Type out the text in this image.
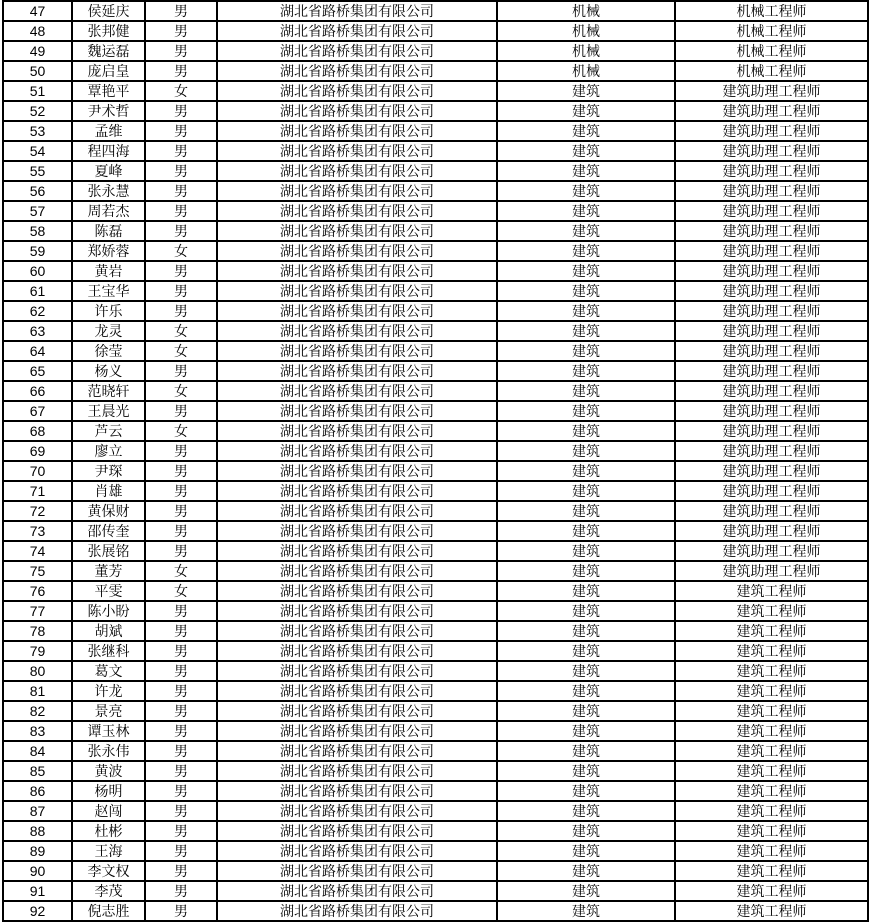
47	侯延庆	男	湖北省路桥集团有限公司	机械	机械工程师
48	张邦健	男	湖北省路桥集团有限公司	机械	机械工程师
49	魏运磊	男	湖北省路桥集团有限公司	机械	机械工程师
50	庞启皇	男	湖北省路桥集团有限公司	机械	机械工程师
51	覃艳平	女	湖北省路桥集团有限公司	建筑	建筑助理工程师
52	尹术哲	男	湖北省路桥集团有限公司	建筑	建筑助理工程师
53	孟维	男	湖北省路桥集团有限公司	建筑	建筑助理工程师
54	程四海	男	湖北省路桥集团有限公司	建筑	建筑助理工程师
55	夏峰	男	湖北省路桥集团有限公司	建筑	建筑助理工程师
56	张永慧	男	湖北省路桥集团有限公司	建筑	建筑助理工程师
57	周若杰	男	湖北省路桥集团有限公司	建筑	建筑助理工程师
58	陈磊	男	湖北省路桥集团有限公司	建筑	建筑助理工程师
59	郑娇蓉	女	湖北省路桥集团有限公司	建筑	建筑助理工程师
60	黄岩	男	湖北省路桥集团有限公司	建筑	建筑助理工程师
61	王宝华	男	湖北省路桥集团有限公司	建筑	建筑助理工程师
62	许乐	男	湖北省路桥集团有限公司	建筑	建筑助理工程师
63	龙灵	女	湖北省路桥集团有限公司	建筑	建筑助理工程师
64	徐莹	女	湖北省路桥集团有限公司	建筑	建筑助理工程师
65	杨义	男	湖北省路桥集团有限公司	建筑	建筑助理工程师
66	范晓轩	女	湖北省路桥集团有限公司	建筑	建筑助理工程师
67	王晨光	男	湖北省路桥集团有限公司	建筑	建筑助理工程师
68	芦云	女	湖北省路桥集团有限公司	建筑	建筑助理工程师
69	廖立	男	湖北省路桥集团有限公司	建筑	建筑助理工程师
70	尹琛	男	湖北省路桥集团有限公司	建筑	建筑助理工程师
71	肖雄	男	湖北省路桥集团有限公司	建筑	建筑助理工程师
72	黄保财	男	湖北省路桥集团有限公司	建筑	建筑助理工程师
73	邵传奎	男	湖北省路桥集团有限公司	建筑	建筑助理工程师
74	张展铭	男	湖北省路桥集团有限公司	建筑	建筑助理工程师
75	董芳	女	湖北省路桥集团有限公司	建筑	建筑助理工程师
76	平雯	女	湖北省路桥集团有限公司	建筑	建筑工程师
77	陈小盼	男	湖北省路桥集团有限公司	建筑	建筑工程师
78	胡斌	男	湖北省路桥集团有限公司	建筑	建筑工程师
79	张继科	男	湖北省路桥集团有限公司	建筑	建筑工程师
80	葛文	男	湖北省路桥集团有限公司	建筑	建筑工程师
81	许龙	男	湖北省路桥集团有限公司	建筑	建筑工程师
82	景亮	男	湖北省路桥集团有限公司	建筑	建筑工程师
83	谭玉林	男	湖北省路桥集团有限公司	建筑	建筑工程师
84	张永伟	男	湖北省路桥集团有限公司	建筑	建筑工程师
85	黄波	男	湖北省路桥集团有限公司	建筑	建筑工程师
86	杨明	男	湖北省路桥集团有限公司	建筑	建筑工程师
87	赵闯	男	湖北省路桥集团有限公司	建筑	建筑工程师
88	杜彬	男	湖北省路桥集团有限公司	建筑	建筑工程师
89	王海	男	湖北省路桥集团有限公司	建筑	建筑工程师
90	李文权	男	湖北省路桥集团有限公司	建筑	建筑工程师
91	李茂	男	湖北省路桥集团有限公司	建筑	建筑工程师
92	倪志胜	男	湖北省路桥集团有限公司	建筑	建筑工程师
